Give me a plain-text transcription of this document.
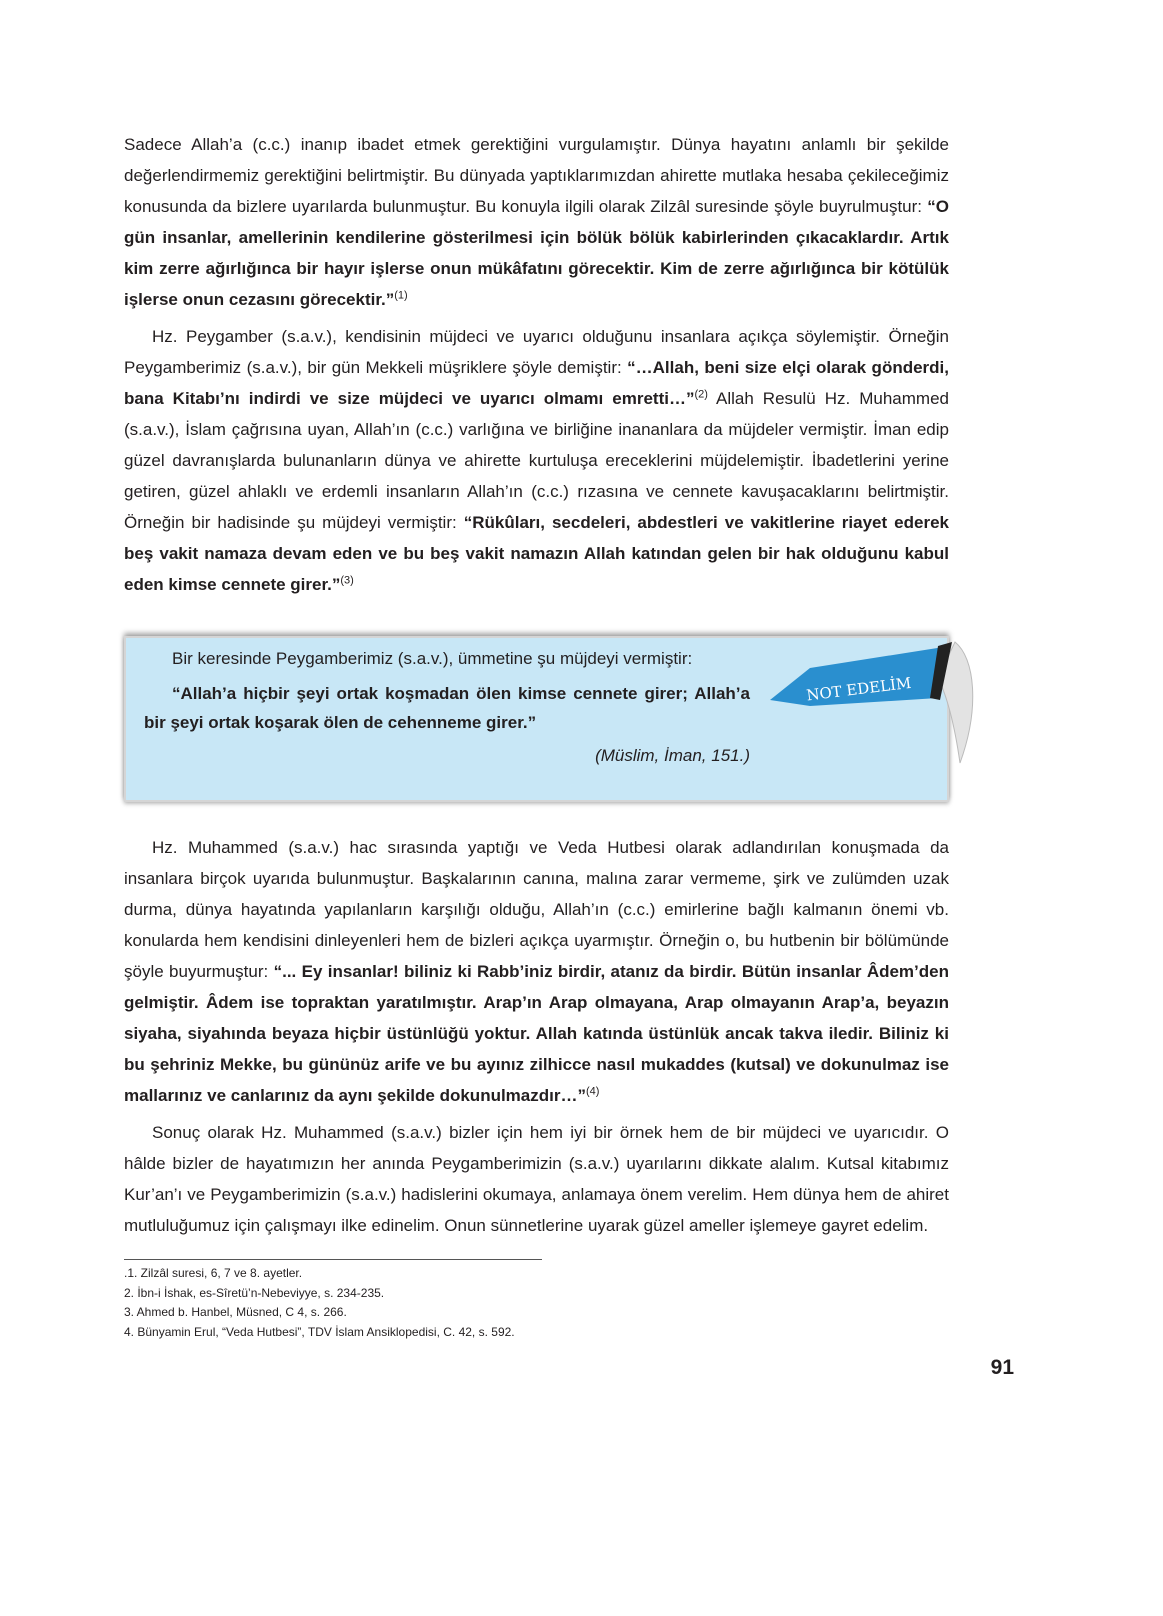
Sadece Allah’a (c.c.) inanıp ibadet etmek gerektiğini vurgulamıştır. Dünya hayatını anlamlı bir şekilde değerlendirmemiz gerektiğini belirtmiştir. Bu dünyada yaptıklarımızdan ahirette mutlaka hesaba çekileceğimiz konusunda da bizlere uyarılarda bulunmuştur. Bu konuyla ilgili olarak Zilzâl suresinde şöyle buyrulmuştur: “O gün insanlar, amellerinin kendilerine gösterilmesi için bölük bölük kabirlerinden çıkacaklardır. Artık kim zerre ağırlığınca bir hayır işlerse onun mükâfatını görecektir. Kim de zerre ağırlığınca bir kötülük işlerse onun cezasını görecektir.”$^{(1)}$

Hz. Peygamber (s.a.v.), kendisinin müjdeci ve uyarıcı olduğunu insanlara açıkça söylemiştir. Örneğin Peygamberimiz (s.a.v.), bir gün Mekkeli müşriklere şöyle demiştir: “…Allah, beni size elçi olarak gönderdi, bana Kitabı’nı indirdi ve size müjdeci ve uyarıcı olmamı emretti…”$^{(2)}$ Allah Resulü Hz. Muhammed (s.a.v.), İslam çağrısına uyan, Allah’ın (c.c.) varlığına ve birliğine inananlara da müjdeler vermiştir. İman edip güzel davranışlarda bulunanların dünya ve ahirette kurtuluşa ereceklerini müjdelemiştir. İbadetlerini yerine getiren, güzel ahlaklı ve erdemli insanların Allah’ın (c.c.) rızasına ve cennete kavuşacaklarını belirtmiştir. Örneğin bir hadisinde şu müjdeyi vermiştir: “Rükûları, secdeleri, abdestleri ve vakitlerine riayet ederek beş vakit namaza devam eden ve bu beş vakit namazın Allah katından gelen bir hak olduğunu kabul eden kimse cennete girer.”$^{(3)}$

Bir keresinde Peygamberimiz (s.a.v.), ümmetine şu müjdeyi vermiştir:
“Allah’a hiçbir şeyi ortak koşmadan ölen kimse cennete girer; Allah’a bir şeyi ortak koşarak ölen de cehenneme girer.”
(Müslim, İman, 151.)
NOT EDELİM

Hz. Muhammed (s.a.v.) hac sırasında yaptığı ve Veda Hutbesi olarak adlandırılan konuşmada da insanlara birçok uyarıda bulunmuştur. Başkalarının canına, malına zarar vermeme, şirk ve zulümden uzak durma, dünya hayatında yapılanların karşılığı olduğu, Allah’ın (c.c.) emirlerine bağlı kalmanın önemi vb. konularda hem kendisini dinleyenleri hem de bizleri açıkça uyarmıştır. Örneğin o, bu hutbenin bir bölümünde şöyle buyurmuştur: “... Ey insanlar! biliniz ki Rabb’iniz birdir, atanız da birdir. Bütün insanlar Âdem’den gelmiştir. Âdem ise topraktan yaratılmıştır. Arap’ın Arap olmayana, Arap olmayanın Arap’a, beyazın siyaha, siyahında beyaza hiçbir üstünlüğü yoktur. Allah katında üstünlük ancak takva iledir. Biliniz ki bu şehriniz Mekke, bu gününüz arife ve bu ayınız zilhicce nasıl mukaddes (kutsal) ve dokunulmaz ise mallarınız ve canlarınız da aynı şekilde dokunulmazdır…”$^{(4)}$

Sonuç olarak Hz. Muhammed (s.a.v.) bizler için hem iyi bir örnek hem de bir müjdeci ve uyarıcıdır. O hâlde bizler de hayatımızın her anında Peygamberimizin (s.a.v.) uyarılarını dikkate alalım. Kutsal kitabımız Kur’an’ı ve Peygamberimizin (s.a.v.) hadislerini okumaya, anlamaya önem verelim. Hem dünya hem de ahiret mutluluğumuz için çalışmayı ilke edinelim. Onun sünnetlerine uyarak güzel ameller işlemeye gayret edelim.

.1. Zilzâl suresi, 6, 7 ve 8. ayetler.
2. İbn-i İshak, es-Sîretü’n-Nebeviyye, s. 234-235.
3. Ahmed b. Hanbel, Müsned, C 4, s. 266.
4. Bünyamin Erul, “Veda Hutbesi”, TDV İslam Ansiklopedisi, C. 42, s. 592.
91
